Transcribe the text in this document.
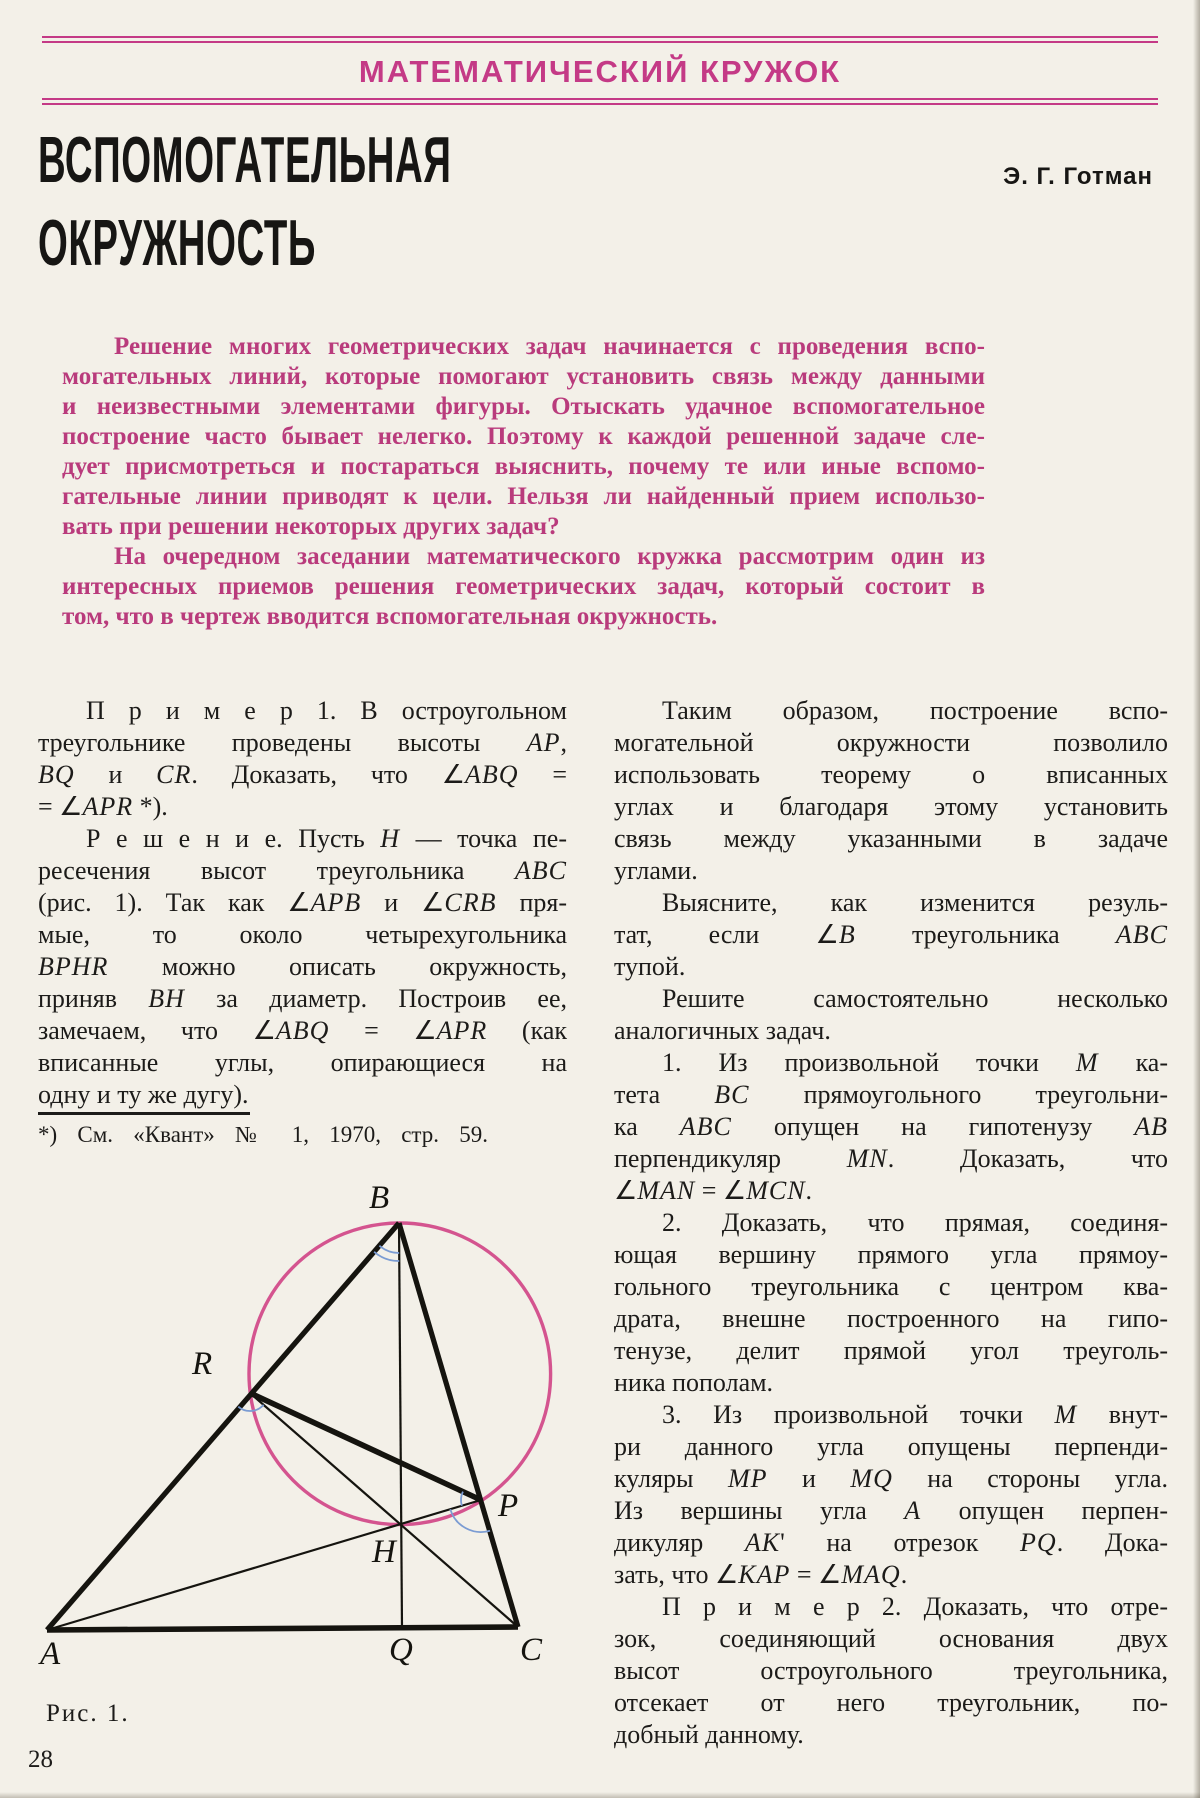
МАТЕМАТИЧЕСКИЙ КРУЖОК
ВСПОМОГАТЕЛЬНАЯ
ОКРУЖНОСТЬ
Э. Г. Готман
Решение многих геометрических задач начинается с проведения вспо-
могательных линий, которые помогают установить связь между данными
и неизвестными элементами фигуры. Отыскать удачное вспомогательное
построение часто бывает нелегко. Поэтому к каждой решенной задаче сле-
дует присмотреться и постараться выяснить, почему те или иные вспомо-
гательные линии приводят к цели. Нельзя ли найденный прием использо-
вать при решении некоторых других задач?
На очередном заседании математического кружка рассмотрим один из
интересных приемов решения геометрических задач, который состоит в
том, что в чертеж вводится вспомогательная окружность.
П р и м е р 1. В остроугольном
треугольнике проведены высоты AP,
BQ и CR. Доказать, что ∠ABQ =
= ∠APR *).
Р е ш е н и е. Пусть H — точка пе-
ресечения высот треугольника ABC
(рис. 1). Так как ∠APB и ∠CRB пря-
мые, то около четырехугольника
BPHR можно описать окружность,
приняв BH за диаметр. Построив ее,
замечаем, что ∠ABQ = ∠APR (как
вписанные углы, опирающиеся на
одну и ту же дугу).
Таким образом, построение вспо-
могательной окружности позволило
использовать теорему о вписанных
углах и благодаря этому установить
связь между указанными в задаче
углами.
Выясните, как изменится резуль-
тат, если ∠B треугольника ABC
тупой.
Решите самостоятельно несколько
аналогичных задач.
1. Из произвольной точки M ка-
тета BC прямоугольного треугольни-
ка ABC опущен на гипотенузу AB
перпендикуляр MN. Доказать, что
∠MAN = ∠MCN.
2. Доказать, что прямая, соединя-
ющая вершину прямого угла прямоу-
гольного треугольника с центром ква-
драта, внешне построенного на гипо-
тенузе, делит прямой угол треуголь-
ника пополам.
3. Из произвольной точки M внут-
ри данного угла опущены перпенди-
куляры MP и MQ на стороны угла.
Из вершины угла A опущен перпен-
дикуляр AK' на отрезок PQ. Дока-
зать, что ∠KAP = ∠MAQ.
П р и м е р 2. Доказать, что отре-
зок, соединяющий основания двух
высот остроугольного треугольника,
отсекает от него треугольник, по-
добный данному.
*) См. «Квант» № 1, 1970, стр. 59.
A
B
C
Q
P
R
H
Рис. 1.
28
